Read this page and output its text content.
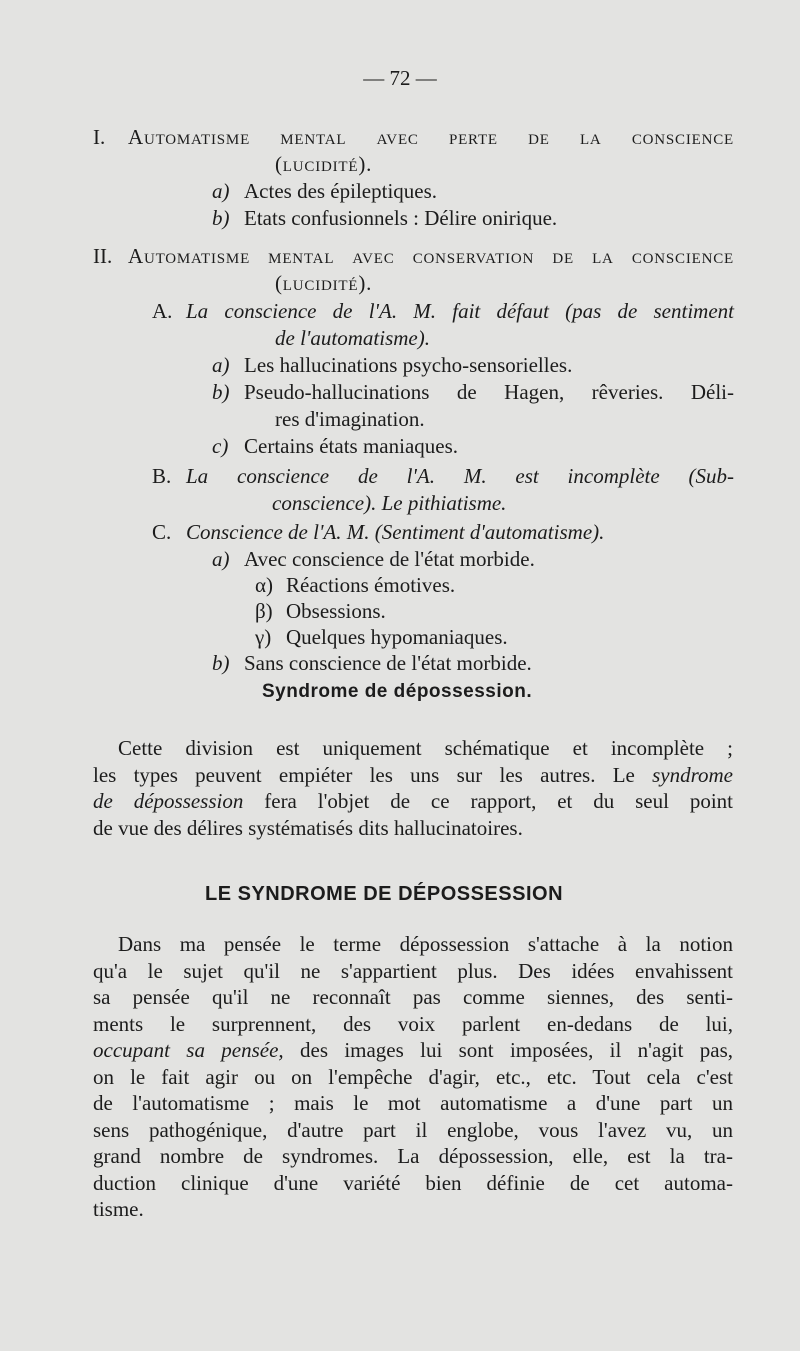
— 72 —
I. Automatisme mental avec perte de la conscience
(lucidité).
a) Actes des épileptiques.
b) Etats confusionnels : Délire onirique.
II. Automatisme mental avec conservation de la conscience
(lucidité).
A. La conscience de l'A. M. fait défaut (pas de sentiment
de l'automatisme).
a) Les hallucinations psycho-sensorielles.
b) Pseudo-hallucinations de Hagen, rêveries. Déli-
res d'imagination.
c) Certains états maniaques.
B. La conscience de l'A. M. est incomplète (Sub-
conscience). Le pithiatisme.
C. Conscience de l'A. M. (Sentiment d'automatisme).
a) Avec conscience de l'état morbide.
α) Réactions émotives.
β) Obsessions.
γ) Quelques hypomaniaques.
b) Sans conscience de l'état morbide.
Syndrome de dépossession.
Cette division est uniquement schématique et incomplète ;
les types peuvent empiéter les uns sur les autres. Le syndrome
de dépossession fera l'objet de ce rapport, et du seul point
de vue des délires systématisés dits hallucinatoires.
LE SYNDROME DE DÉPOSSESSION
Dans ma pensée le terme dépossession s'attache à la notion
qu'a le sujet qu'il ne s'appartient plus. Des idées envahissent
sa pensée qu'il ne reconnaît pas comme siennes, des senti-
ments le surprennent, des voix parlent en-dedans de lui,
occupant sa pensée, des images lui sont imposées, il n'agit pas,
on le fait agir ou on l'empêche d'agir, etc., etc. Tout cela c'est
de l'automatisme ; mais le mot automatisme a d'une part un
sens pathogénique, d'autre part il englobe, vous l'avez vu, un
grand nombre de syndromes. La dépossession, elle, est la tra-
duction clinique d'une variété bien définie de cet automa-
tisme.
